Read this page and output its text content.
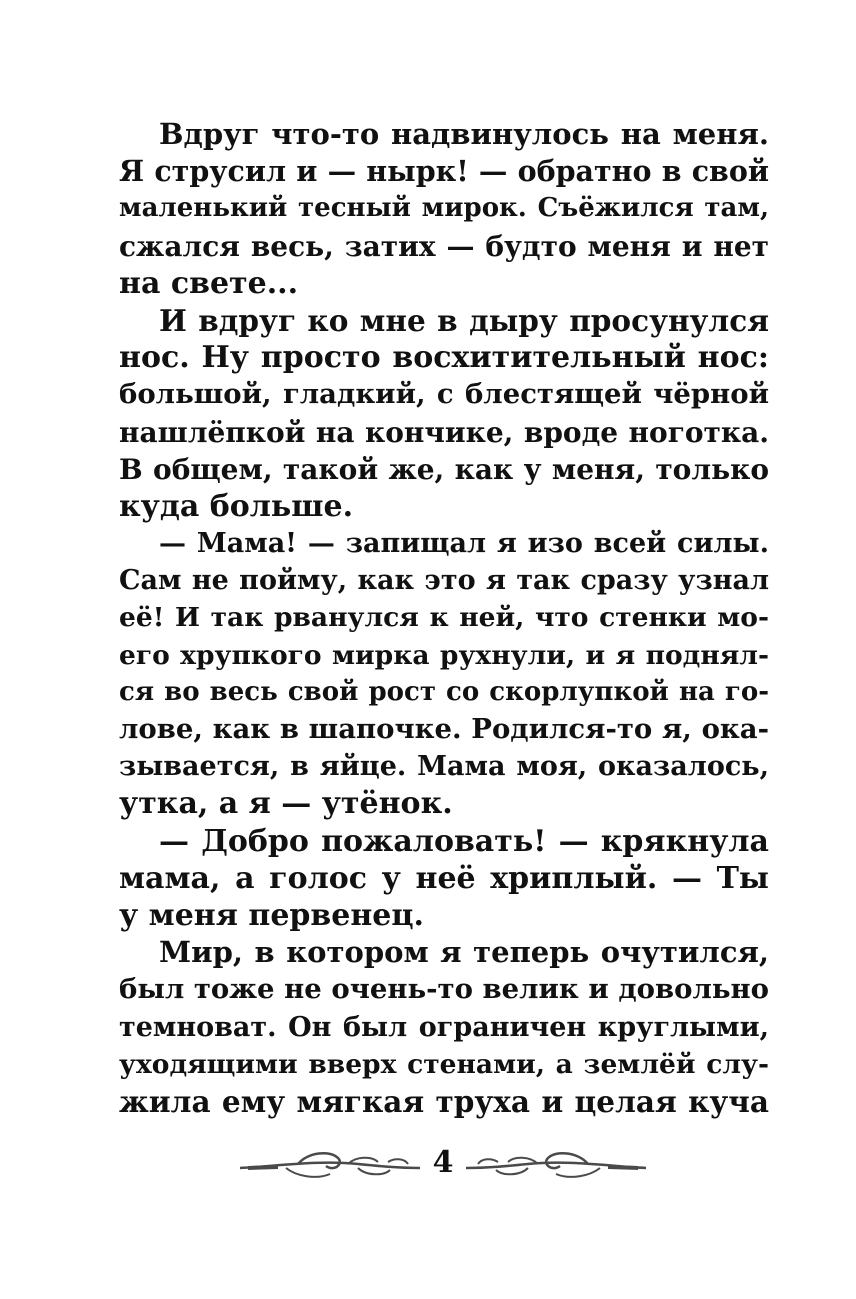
Вдруг что-то надвинулось на меня.
Я струсил и — нырк! — обратно в свой
маленький тесный мирок. Съёжился там,
сжался весь, затих — будто меня и нет
на свете...
И вдруг ко мне в дыру просунулся
нос. Ну просто восхитительный нос:
большой, гладкий, с блестящей чёрной
нашлёпкой на кончике, вроде ноготка.
В общем, такой же, как у меня, только
куда больше.
— Мама! — запищал я изо всей силы.
Сам не пойму, как это я так сразу узнал
её! И так рванулся к ней, что стенки мо-
его хрупкого мирка рухнули, и я поднял-
ся во весь свой рост со скорлупкой на го-
лове, как в шапочке. Родился-то я, ока-
зывается, в яйце. Мама моя, оказалось,
утка, а я — утёнок.
— Добро пожаловать! — крякнула
мама, а голос у неё хриплый. — Ты
у меня первенец.
Мир, в котором я теперь очутился,
был тоже не очень-то велик и довольно
темноват. Он был ограничен круглыми,
уходящими вверх стенами, а землёй слу-
жила ему мягкая труха и целая куча
4
